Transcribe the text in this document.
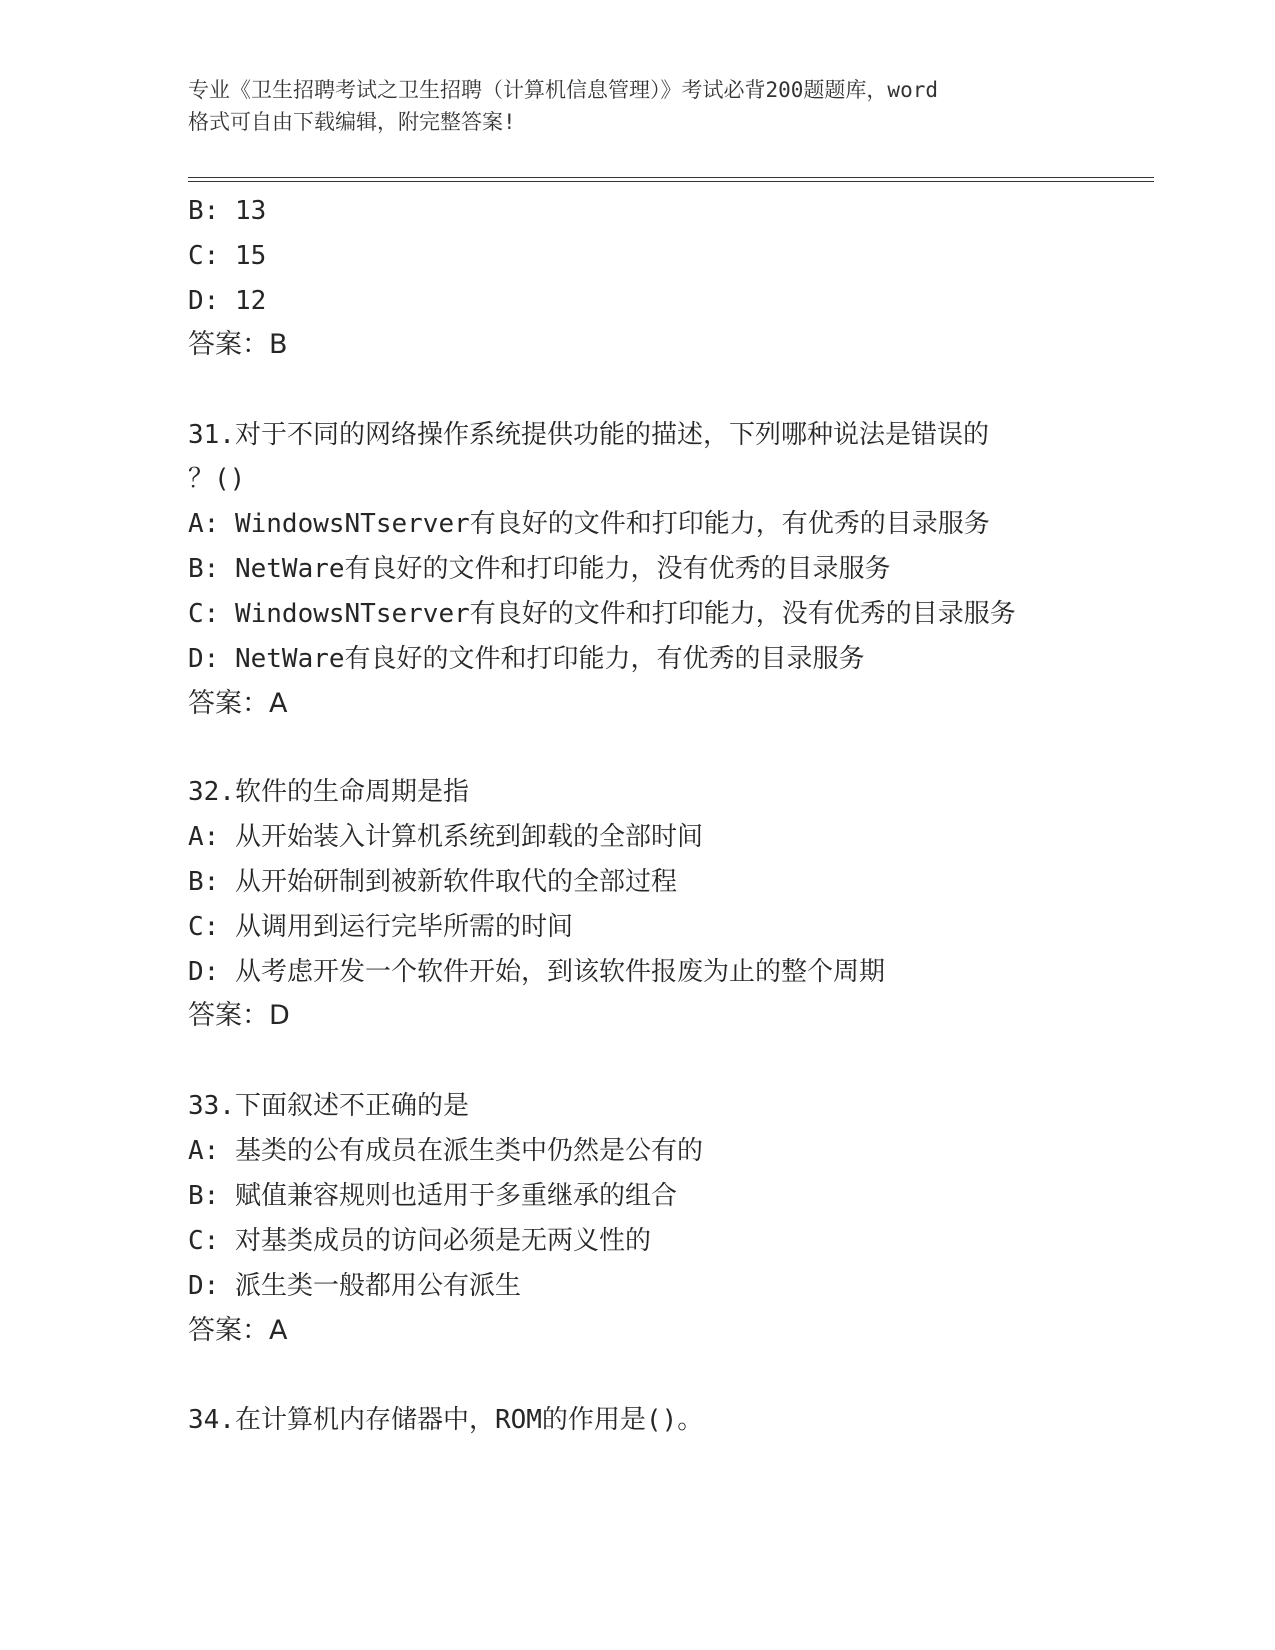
专业《卫生招聘考试之卫生招聘（计算机信息管理）》考试必背200题题库，word
格式可自由下载编辑，附完整答案!
B: 13
C: 15
D: 12
答案：B
31.对于不同的网络操作系统提供功能的描述，下列哪种说法是错误的
？()
A: WindowsNTserver有良好的文件和打印能力，有优秀的目录服务
B: NetWare有良好的文件和打印能力，没有优秀的目录服务
C: WindowsNTserver有良好的文件和打印能力，没有优秀的目录服务
D: NetWare有良好的文件和打印能力，有优秀的目录服务
答案：A
32.软件的生命周期是指
A: 从开始装入计算机系统到卸载的全部时间
B: 从开始研制到被新软件取代的全部过程
C: 从调用到运行完毕所需的时间
D: 从考虑开发一个软件开始，到该软件报废为止的整个周期
答案：D
33.下面叙述不正确的是
A: 基类的公有成员在派生类中仍然是公有的
B: 赋值兼容规则也适用于多重继承的组合
C: 对基类成员的访问必须是无两义性的
D: 派生类一般都用公有派生
答案：A
34.在计算机内存储器中，ROM的作用是()。
